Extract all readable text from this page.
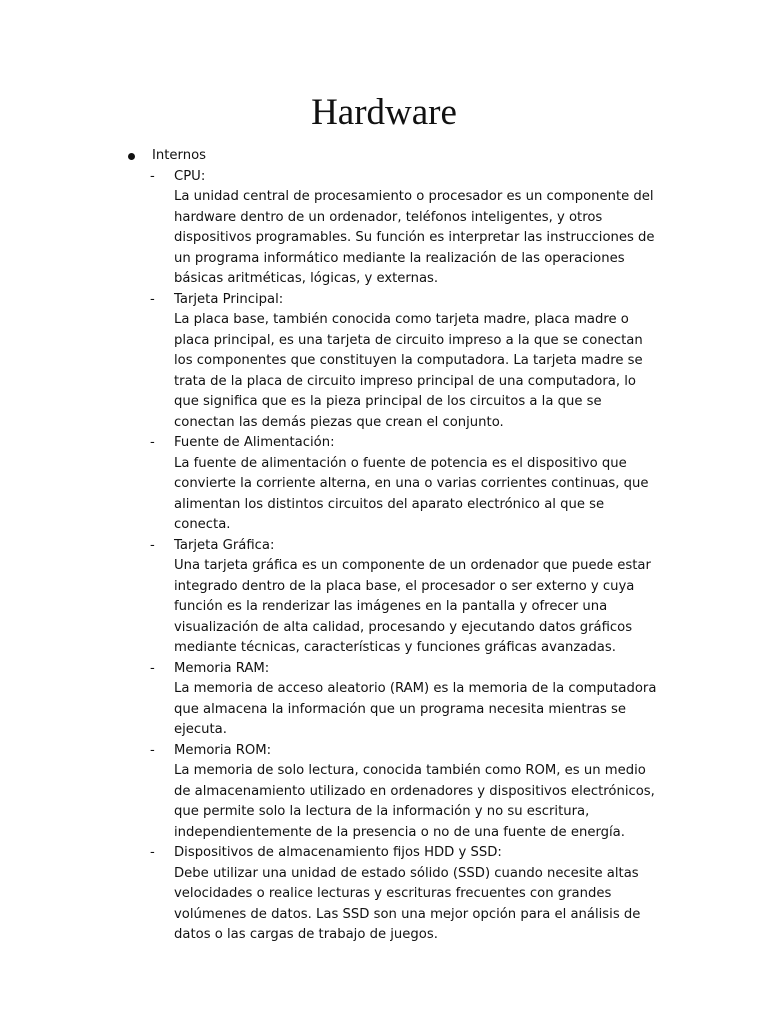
Hardware
Internos
- CPU:
La unidad central de procesamiento o procesador es un componente del hardware dentro de un ordenador, teléfonos inteligentes, y otros dispositivos programables. Su función es interpretar las instrucciones de un programa informático mediante la realización de las operaciones básicas aritméticas, lógicas, y externas.
- Tarjeta Principal:
La placa base, también conocida como tarjeta madre, placa madre o placa principal, es una tarjeta de circuito impreso a la que se conectan los componentes que constituyen la computadora. La tarjeta madre se trata de la placa de circuito impreso principal de una computadora, lo que significa que es la pieza principal de los circuitos a la que se conectan las demás piezas que crean el conjunto.
- Fuente de Alimentación:
La fuente de alimentación o fuente de potencia es el dispositivo que convierte la corriente alterna, en una o varias corrientes continuas, que alimentan los distintos circuitos del aparato electrónico al que se conecta.
- Tarjeta Gráfica:
Una tarjeta gráfica es un componente de un ordenador que puede estar integrado dentro de la placa base, el procesador o ser externo y cuya función es la renderizar las imágenes en la pantalla y ofrecer una visualización de alta calidad, procesando y ejecutando datos gráficos mediante técnicas, características y funciones gráficas avanzadas.
- Memoria RAM:
La memoria de acceso aleatorio (RAM) es la memoria de la computadora que almacena la información que un programa necesita mientras se ejecuta.
- Memoria ROM:
La memoria de solo lectura, conocida también como ROM, es un medio de almacenamiento utilizado en ordenadores y dispositivos electrónicos, que permite solo la lectura de la información y no su escritura, independientemente de la presencia o no de una fuente de energía.
- Dispositivos de almacenamiento fijos HDD y SSD:
Debe utilizar una unidad de estado sólido (SSD) cuando necesite altas velocidades o realice lecturas y escrituras frecuentes con grandes volúmenes de datos. Las SSD son una mejor opción para el análisis de datos o las cargas de trabajo de juegos.
